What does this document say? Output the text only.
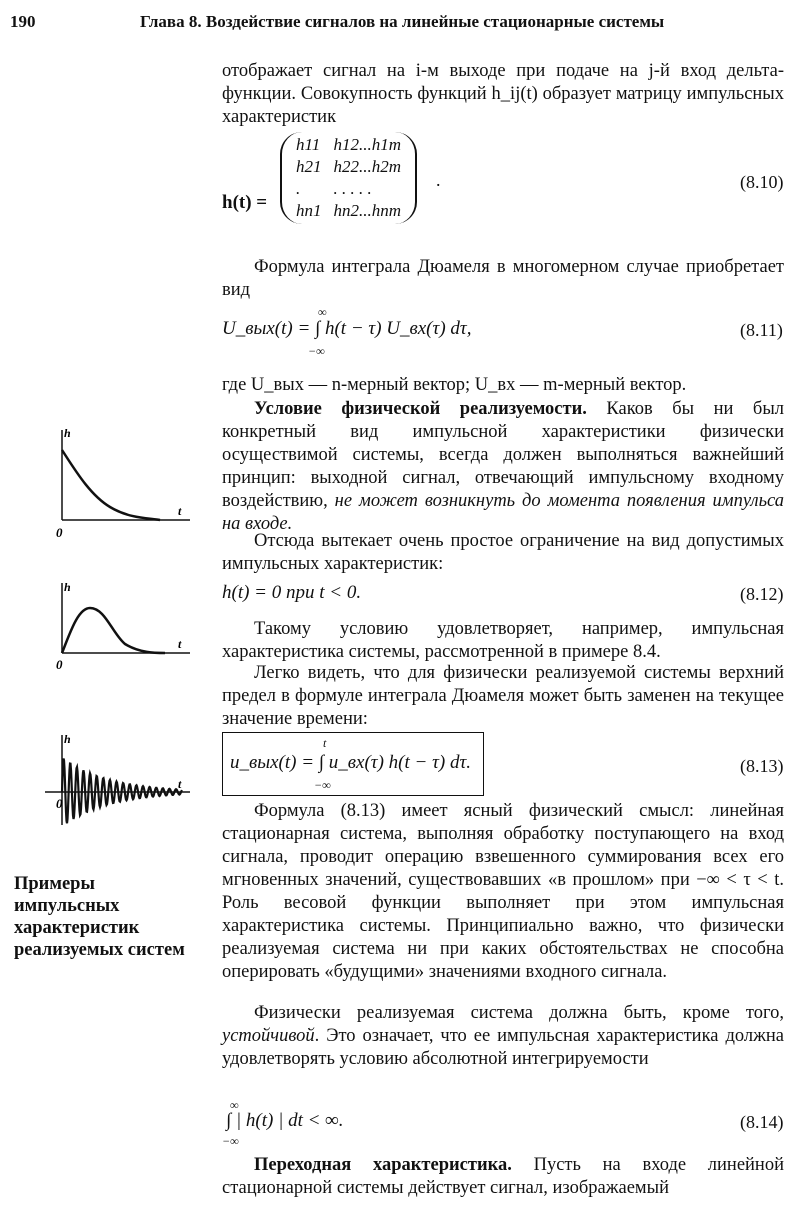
190	Глава 8. Воздействие сигналов на линейные стационарные системы
отображает сигнал на i-м выходе при подаче на j-й вход дельта-функции. Совокупность функций h_ij(t) образует матрицу импульсных характеристик
h(t) =
h11	h12...h1m
h21	h22...h2m
.	. . . . .
hn1	hn2...hnm
.	(8.10)
Формула интеграла Дюамеля в многомерном случае приобретает вид
∞
U_вых(t) = ∫ h(t − τ) U_вх(τ) dτ,
−∞
(8.11)
где U_вых — n-мерный вектор; U_вх — m-мерный вектор.
Условие физической реализуемости. Каков бы ни был конкретный вид импульсной характеристики физически осуществимой системы, всегда должен выполняться важнейший принцип: выходной сигнал, отвечающий импульсному входному воздействию, не может возникнуть до момента появления импульса на входе.
Отсюда вытекает очень простое ограничение на вид допустимых импульсных характеристик:
h(t) = 0 при t < 0.	(8.12)
Такому условию удовлетворяет, например, импульсная характеристика системы, рассмотренной в примере 8.4.
Легко видеть, что для физически реализуемой системы верхний предел в формуле интеграла Дюамеля может быть заменен на текущее значение времени:
t
u_вых(t) = ∫ u_вх(τ) h(t − τ) dτ.
−∞
(8.13)
Формула (8.13) имеет ясный физический смысл: линейная стационарная система, выполняя обработку поступающего на вход сигнала, проводит операцию взвешенного суммирования всех его мгновенных значений, существовавших «в прошлом» при −∞ < τ < t. Роль весовой функции выполняет при этом импульсная характеристика системы. Принципиально важно, что физически реализуемая система ни при каких обстоятельствах не способна оперировать «будущими» значениями входного сигнала.
Физически реализуемая система должна быть, кроме того, устойчивой. Это означает, что ее импульсная характеристика должна удовлетворять условию абсолютной интегрируемости
∞
∫ | h(t) | dt < ∞.
−∞
(8.14)
Переходная характеристика. Пусть на входе линейной стационарной системы действует сигнал, изображаемый
h
t
0
h
t
0
h
t
0
Примеры импульсных характеристик реализуемых систем
